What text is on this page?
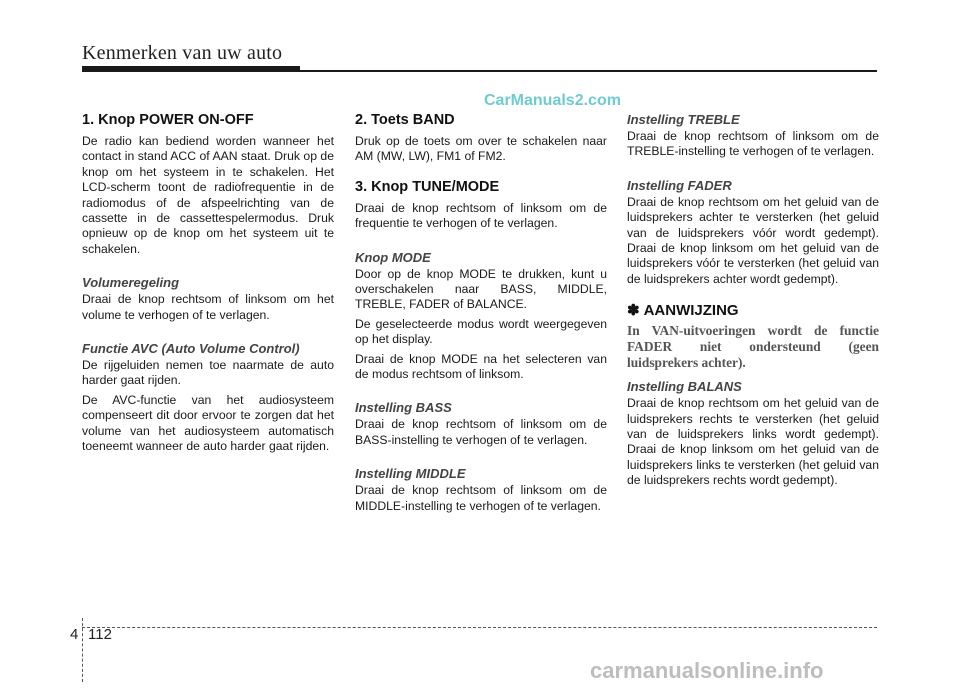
Kenmerken van uw auto
CarManuals2.com
1. Knop POWER ON-OFF

De radio kan bediend worden wanneer het contact in stand ACC of AAN staat. Druk op de knop om het systeem in te schakelen. Het LCD-scherm toont de radiofrequentie in de radiomodus of de afspeelrichting van de cassette in de cassettespelermodus. Druk opnieuw op de knop om het systeem uit te schakelen.

Volumeregeling

Draai de knop rechtsom of linksom om het volume te verhogen of te verlagen.

Functie AVC (Auto Volume Control)

De rijgeluiden nemen toe naarmate de auto harder gaat rijden.

De AVC-functie van het audiosysteem compenseert dit door ervoor te zorgen dat het volume van het audiosysteem automatisch toeneemt wanneer de auto harder gaat rijden.

2. Toets BAND

Druk op de toets om over te schakelen naar AM (MW, LW), FM1 of FM2.

3. Knop TUNE/MODE

Draai de knop rechtsom of linksom om de frequentie te verhogen of te verlagen.

Knop MODE

Door op de knop MODE te drukken, kunt u overschakelen naar BASS, MIDDLE, TREBLE, FADER of BALANCE.

De geselecteerde modus wordt weergegeven op het display.

Draai de knop MODE na het selecteren van de modus rechtsom of linksom.

Instelling BASS

Draai de knop rechtsom of linksom om de BASS-instelling te verhogen of te verlagen.

Instelling MIDDLE

Draai de knop rechtsom of linksom om de MIDDLE-instelling te verhogen of te verlagen.

Instelling TREBLE

Draai de knop rechtsom of linksom om de TREBLE-instelling te verhogen of te verlagen.

Instelling FADER

Draai de knop rechtsom om het geluid van de luidsprekers achter te versterken (het geluid van de luidsprekers vóór wordt gedempt). Draai de knop linksom om het geluid van de luidsprekers vóór te versterken (het geluid van de luidsprekers achter wordt gedempt).

✽ AANWIJZING
In VAN-uitvoeringen wordt de functie FADER niet ondersteund (geen luidsprekers achter).
Instelling BALANS

Draai de knop rechtsom om het geluid van de luidsprekers rechts te versterken (het geluid van de luidsprekers links wordt gedempt). Draai de knop linksom om het geluid van de luidsprekers links te versterken (het geluid van de luidsprekers rechts wordt gedempt).

4 112
carmanualsonline.info
